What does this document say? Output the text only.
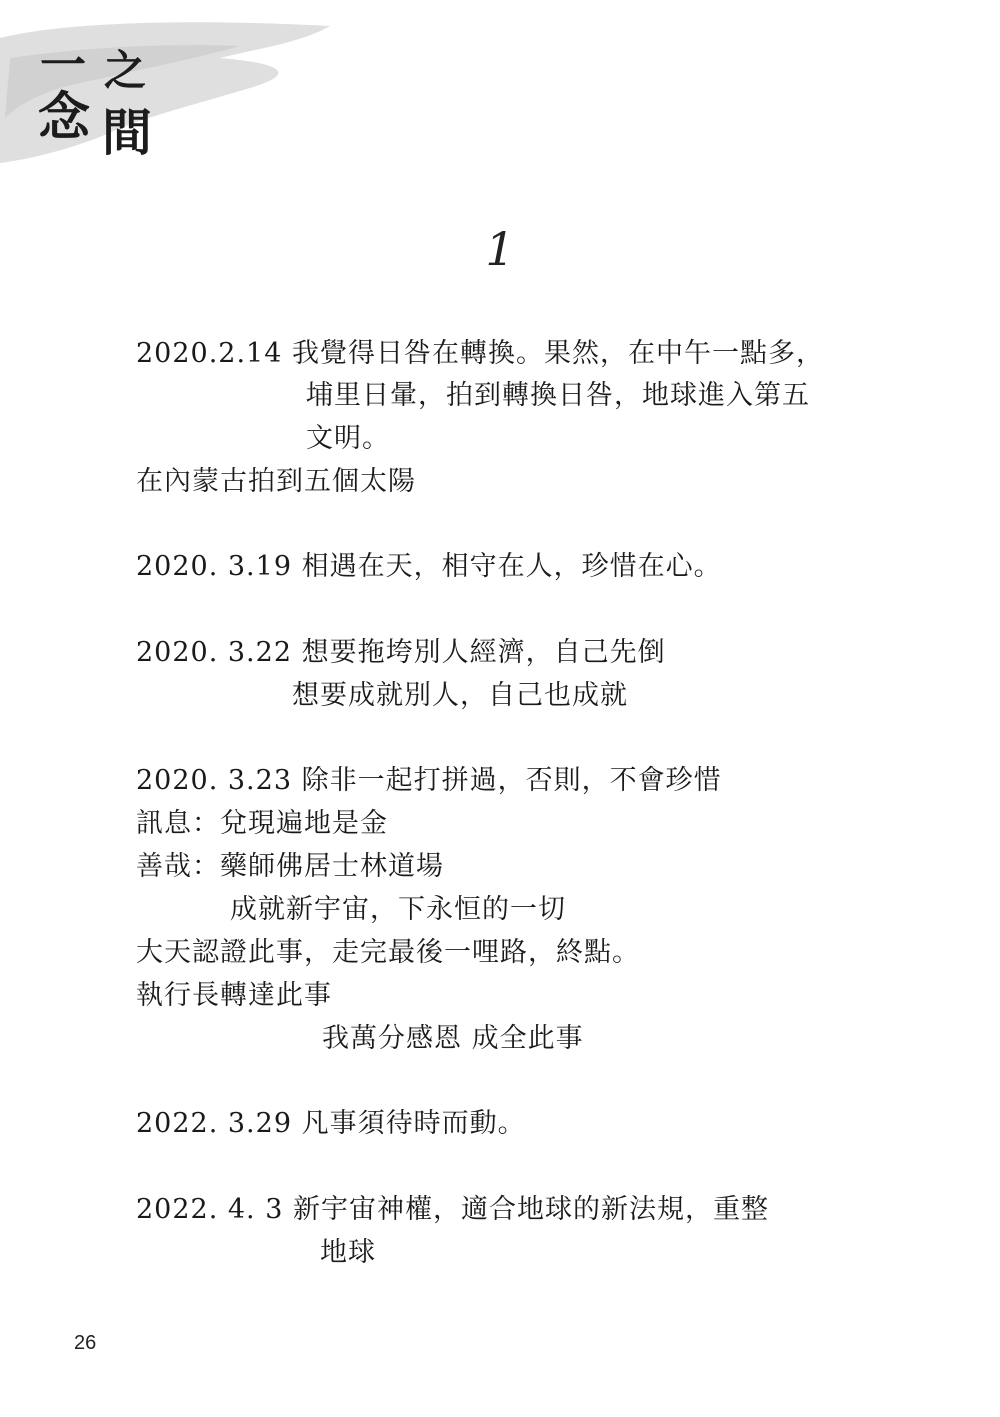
一
念
之
間
1
2020.2.14 我覺得日咎在轉換。果然，在中午一點多，
埔里日暈，拍到轉換日咎，地球進入第五
文明。
在內蒙古拍到五個太陽
2020. 3.19 相遇在天，相守在人，珍惜在心。
2020. 3.22 想要拖垮別人經濟，自己先倒
想要成就別人，自己也成就
2020. 3.23 除非一起打拼過，否則，不會珍惜
訊息：兌現遍地是金
善哉：藥師佛居士林道場
成就新宇宙，下永恒的一切
大天認證此事，走完最後一哩路，終點。
執行長轉達此事
我萬分感恩 成全此事
2022. 3.29 凡事須待時而動。
2022. 4. 3 新宇宙神權，適合地球的新法規，重整
地球
26
